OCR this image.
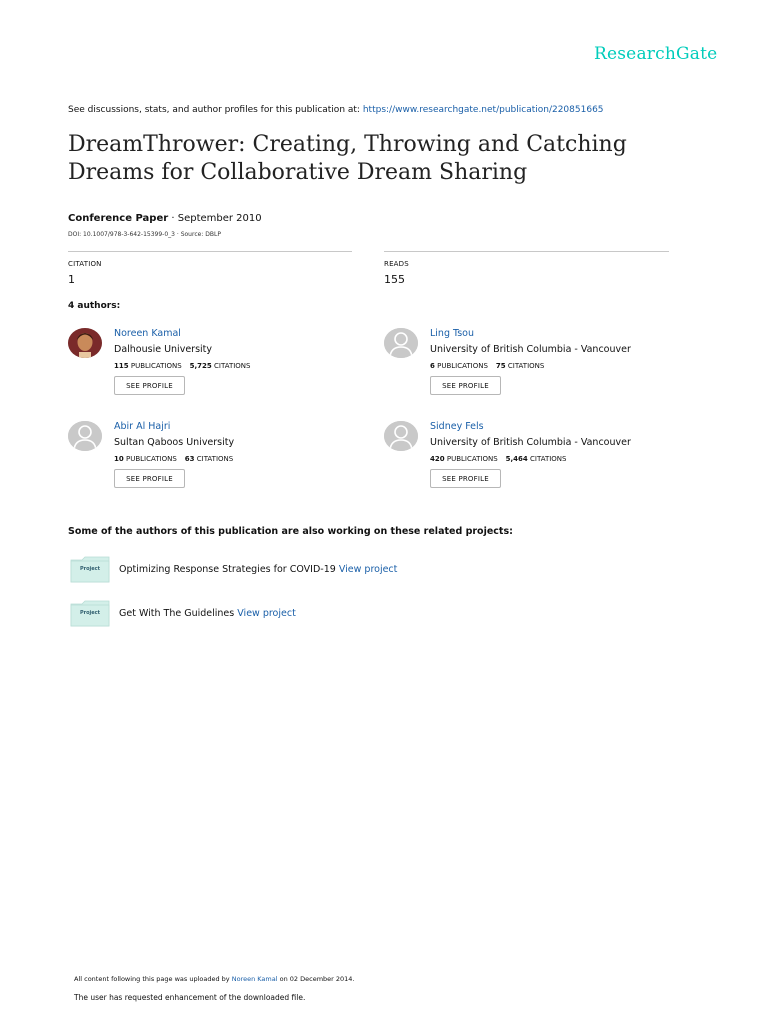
ResearchGate
See discussions, stats, and author profiles for this publication at: https://www.researchgate.net/publication/220851665
DreamThrower: Creating, Throwing and Catching Dreams for Collaborative Dream Sharing
Conference Paper · September 2010
DOI: 10.1007/978-3-642-15399-0_3 · Source: DBLP
CITATION
1
READS
155
4 authors:
Noreen Kamal
Dalhousie University
115 PUBLICATIONS 5,725 CITATIONS
SEE PROFILE
Ling Tsou
University of British Columbia - Vancouver
6 PUBLICATIONS 75 CITATIONS
SEE PROFILE
Abir Al Hajri
Sultan Qaboos University
10 PUBLICATIONS 63 CITATIONS
SEE PROFILE
Sidney Fels
University of British Columbia - Vancouver
420 PUBLICATIONS 5,464 CITATIONS
SEE PROFILE
Some of the authors of this publication are also working on these related projects:
Project	Optimizing Response Strategies for COVID-19 View project
Project	Get With The Guidelines View project
All content following this page was uploaded by Noreen Kamal on 02 December 2014.
The user has requested enhancement of the downloaded file.
